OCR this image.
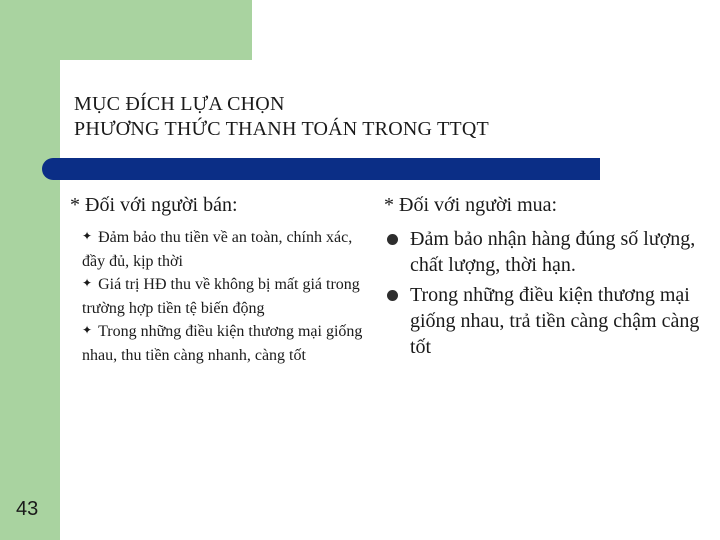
MỤC ĐÍCH LỰA CHỌN
PHƯƠNG THỨC THANH TOÁN TRONG TTQT
* Đối với người bán:
✦ Đảm bảo thu tiền về an toàn, chính xác, đầy đủ, kịp thời
✦ Giá trị HĐ thu về không bị mất giá trong trường hợp tiền tệ biến động
✦ Trong những điều kiện thương mại giống nhau, thu tiền càng nhanh, càng tốt
* Đối với người mua:
Đảm bảo nhận hàng đúng số lượng, chất lượng, thời hạn.
Trong những điều kiện thương mại giống nhau, trả tiền càng chậm càng tốt
43
